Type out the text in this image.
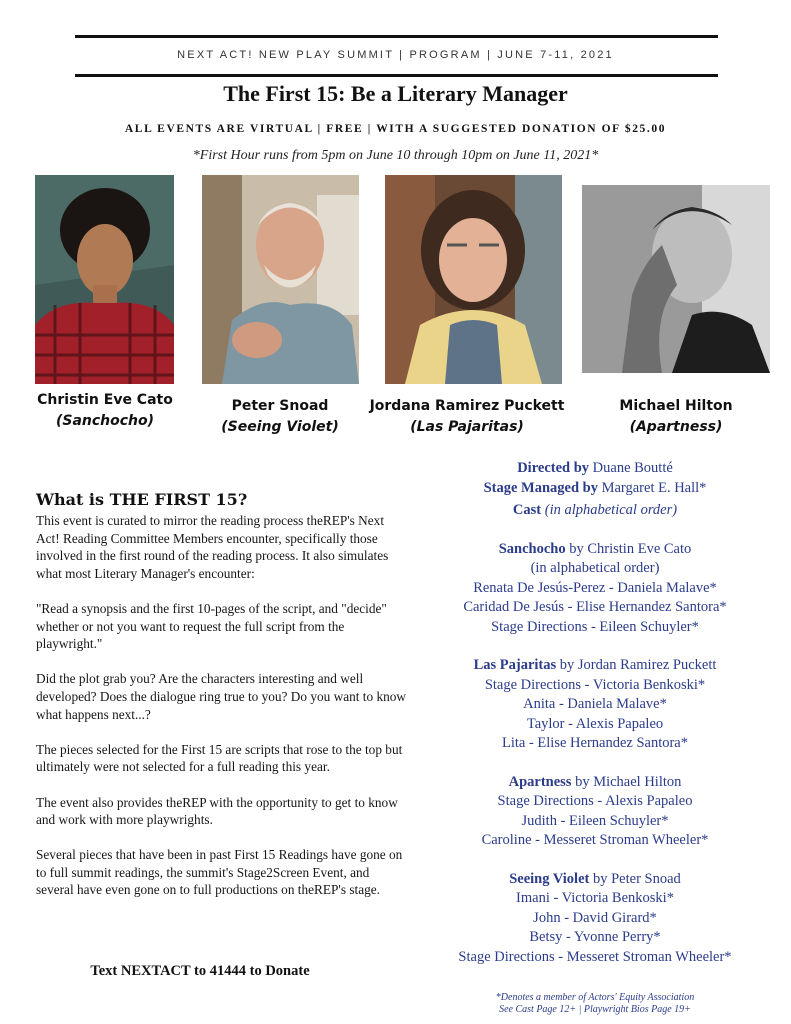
NEXT ACT! NEW PLAY SUMMIT | PROGRAM | JUNE 7-11, 2021
The First 15: Be a Literary Manager
ALL EVENTS ARE VIRTUAL | FREE | WITH A SUGGESTED DONATION OF $25.00
*First Hour runs from 5pm on June 10 through 10pm on June 11, 2021*
Christin Eve Cato
(Sanchocho)
Peter Snoad
(Seeing Violet)
Jordana Ramirez Puckett
(Las Pajaritas)
Michael Hilton
(Apartness)
What is THE FIRST 15?

This event is curated to mirror the reading process theREP's Next Act! Reading Committee Members encounter, specifically those involved in the first round of the reading process. It also simulates what most Literary Manager's encounter:

"Read a synopsis and the first 10-pages of the script, and "decide" whether or not you want to request the full script from the playwright."

Did the plot grab you? Are the characters interesting and well developed? Does the dialogue ring true to you? Do you want to know what happens next...?

The pieces selected for the First 15 are scripts that rose to the top but ultimately were not selected for a full reading this year.

The event also provides theREP with the opportunity to get to know and work with more playwrights.

Several pieces that have been in past First 15 Readings have gone on to full summit readings, the summit's Stage2Screen Event, and several have even gone on to full productions on theREP's stage.

Text NEXTACT to 41444 to Donate
Directed by Duane Boutté
Stage Managed by Margaret E. Hall*
Cast (in alphabetical order)
Sanchocho by Christin Eve Cato
(in alphabetical order)
Renata De Jesús-Perez - Daniela Malave*
Caridad De Jesús - Elise Hernandez Santora*
Stage Directions - Eileen Schuyler*
Las Pajaritas by Jordan Ramirez Puckett
Stage Directions - Victoria Benkoski*
Anita - Daniela Malave*
Taylor - Alexis Papaleo
Lita - Elise Hernandez Santora*
Apartness by Michael Hilton
Stage Directions - Alexis Papaleo
Judith - Eileen Schuyler*
Caroline - Messeret Stroman Wheeler*
Seeing Violet by Peter Snoad
Imani - Victoria Benkoski*
John - David Girard*
Betsy - Yvonne Perry*
Stage Directions - Messeret Stroman Wheeler*
*Denotes a member of Actors' Equity Association
See Cast Page 12+ | Playwright Bios Page 19+
